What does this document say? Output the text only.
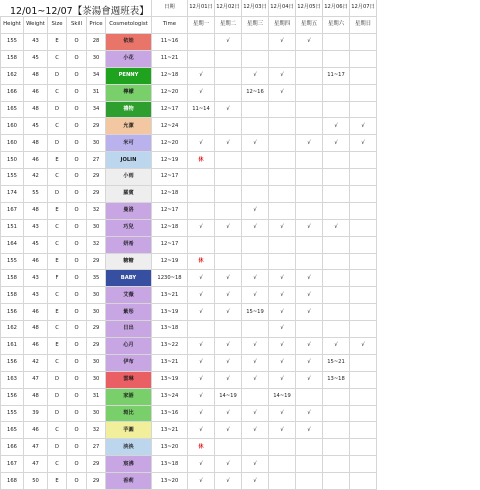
12/01~12/07【茶湯會週班表】
						日期	12月01日	12月02日	12月03日	12月04日	12月05日	12月06日	12月07日
Height	Weight	Size	Skill	Price	Cosmetologist	Time	星期一	星期二	星期三	星期四	星期五	星期六	星期日
155	43	E	O	28	依娃	11~16		√		√	√		
158	45	C	O	30	小花	11~21							
162	48	D	O	34	PENNY	12~18	√		√	√		11~17	
166	46	C	O	31	檸檬	12~20	√		12~16	√			
165	48	D	O	34	禮物	12~17	11~14	√					
160	45	C	O	29	允潔	12~24						√	√
160	48	D	O	30	米可	12~20	√	√	√		√	√	√
150	46	E	O	27	JOLIN	12~19	休						
155	42	C	O	29	小雨	12~17							
174	55	D	O	29	羅賓	12~18							
167	48	E	O	32	曼洛	12~17			√				
151	43	C	O	30	巧兒	12~18	√	√	√	√	√	√	
164	45	C	O	32	妍希	12~17							
155	46	E	O	29	糖糖	12~19	休						
158	43	F	O	35	BABY	1230~18	√	√	√	√	√		
158	43	C	O	30	艾薇	13~21	√	√	√	√	√		
156	46	E	O	30	紫彤	13~19	√	√	15~19	√	√		
162	48	C	O	29	日出	13~18				√			
161	46	E	O	29	心月	13~22	√	√	√	√	√	√	√
156	42	C	O	30	伊布	13~21	√	√	√	√	√	15~21	
163	47	D	O	30	雲琳	13~19	√	√	√	√	√	13~18	
156	48	D	O	31	家語	13~24	√	14~19		14~19			
155	39	D	O	30	斑比	13~16	√	√	√	√	√		
165	46	C	O	32	芋圓	13~21	√	√	√	√	√		
166	47	D	O	27	泱泱	13~20	休						
167	47	C	O	29	宸沸	13~18	√	√	√				
168	50	E	O	29	香莉	13~20	√	√	√				
